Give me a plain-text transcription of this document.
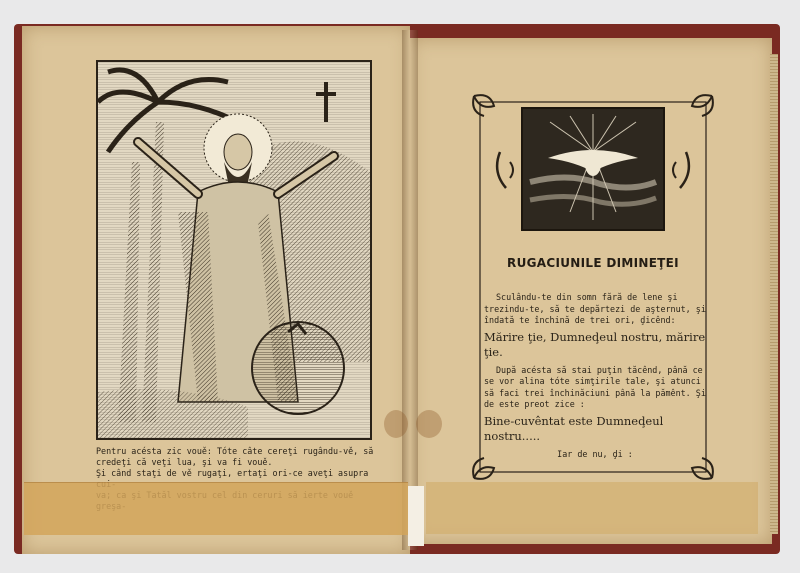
Pentru acésta zic vouě: Tóte câte cereţi rugându-vě, să

credeţi că veţi lua, şi va fi vouě.

Şi când staţi de vě rugaţi, ertaţi ori-ce aveţi asupra

RUGACIUNILE DIMINEŢEI

Sculându-te din somn fără de lene şi trezindu-te, să te depărtezi de aşternut, şi îndată te închină de trei ori, ḑicênd:

Mărire ţie, Dumneḑeul nostru, mărire ţie.

După acésta să stai puţin tăcênd, până ce se vor alina tóte simţirile tale, şi atunci să faci trei închinăciuni până la pămênt. Şi de este preot zice :

Bine-cuvêntat este Dumneḑeul nostru.....

Iar de nu, ḑi :
